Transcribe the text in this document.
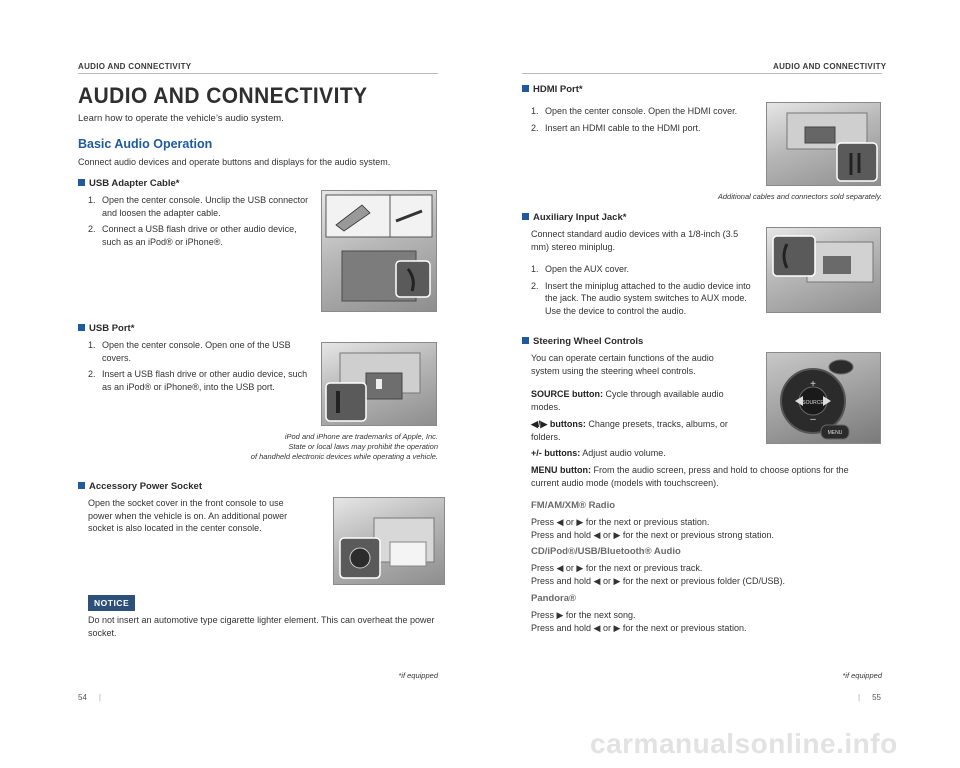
AUDIO AND CONNECTIVITY
AUDIO AND CONNECTIVITY
Learn how to operate the vehicle’s audio system.
Basic Audio Operation
Connect audio devices and operate buttons and displays for the audio system.
USB Adapter Cable*
1. Open the center console. Unclip the USB connector and loosen the adapter cable.
2. Connect a USB flash drive or other audio device, such as an iPod® or iPhone®.
USB Port*
1. Open the center console. Open one of the USB covers.
2. Insert a USB flash drive or other audio device, such as an iPod® or iPhone®, into the USB port.
iPod and iPhone are trademarks of Apple, Inc.
State or local laws may prohibit the operation
of handheld electronic devices while operating a vehicle.
Accessory Power Socket
Open the socket cover in the front console to use power when the vehicle is on. An additional power socket is also located in the center console.
NOTICE
Do not insert an automotive type cigarette lighter element. This can overheat the power socket.
*if equipped
54 |
AUDIO AND CONNECTIVITY
HDMI Port*
1. Open the center console. Open the HDMI cover.
2. Insert an HDMI cable to the HDMI port.
Additional cables and connectors sold separately.
Auxiliary Input Jack*
Connect standard audio devices with a 1/8-inch (3.5 mm) stereo miniplug.
1. Open the AUX cover.
2. Insert the miniplug attached to the audio device into the jack. The audio system switches to AUX mode. Use the device to control the audio.
Steering Wheel Controls
You can operate certain functions of the audio system using the steering wheel controls.
SOURCE button: Cycle through available audio modes.
◀/▶ buttons: Change presets, tracks, albums, or folders.
+/- buttons: Adjust audio volume.
MENU button: From the audio screen, press and hold to choose options for the current audio mode (models with touchscreen).
+
–
SOURCE
MENU
FM/AM/XM® Radio
Press ◀ or ▶ for the next or previous station.
Press and hold ◀ or ▶ for the next or previous strong station.
CD/iPod®/USB/Bluetooth® Audio
Press ◀ or ▶ for the next or previous track.
Press and hold ◀ or ▶ for the next or previous folder (CD/USB).
Pandora®
Press ▶ for the next song.
Press and hold ◀ or ▶ for the next or previous station.
*if equipped
| 55
carmanualsonline.info
